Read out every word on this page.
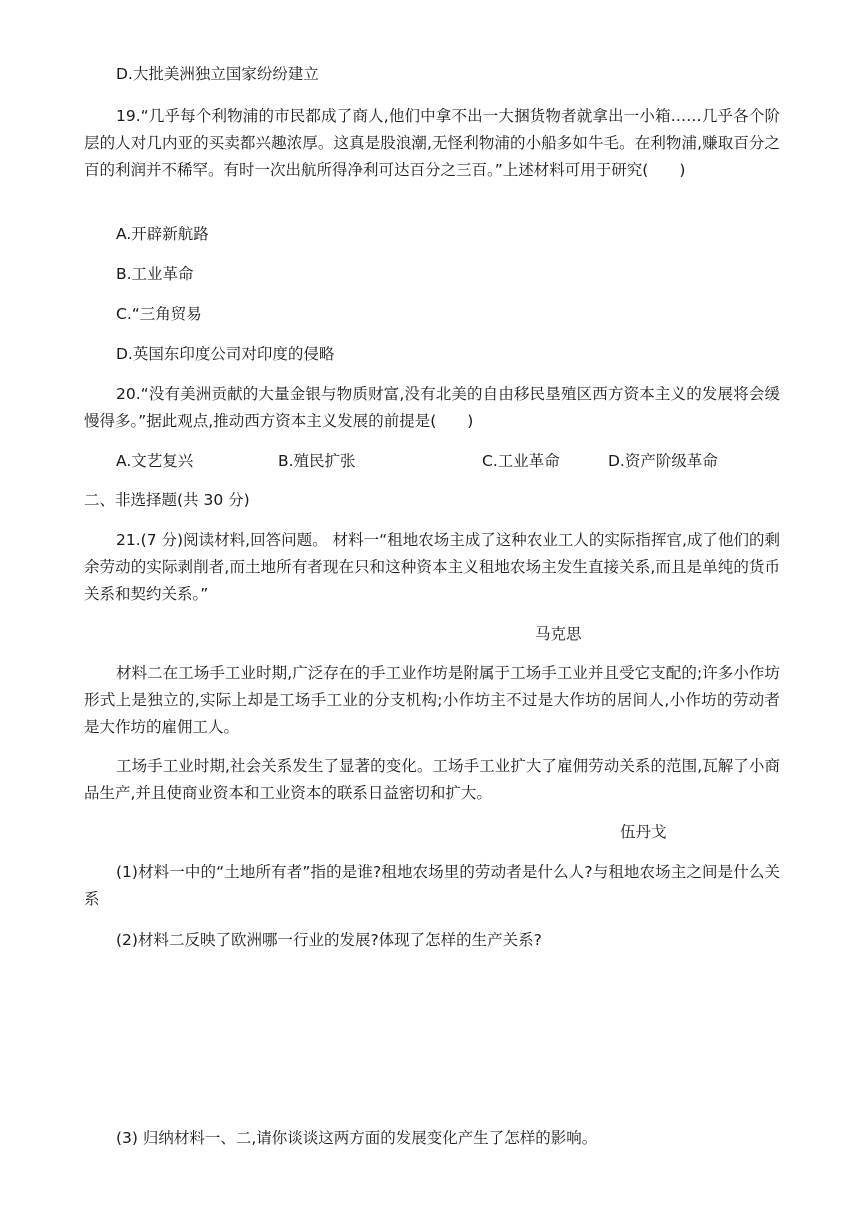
D.大批美洲独立国家纷纷建立
19.“几乎每个利物浦的市民都成了商人,他们中拿不出一大捆货物者就拿出一小箱……几乎各个阶层的人对几内亚的买卖都兴趣浓厚。这真是股浪潮,无怪利物浦的小船多如牛毛。在利物浦,赚取百分之百的利润并不稀罕。有时一次出航所得净利可达百分之三百。”上述材料可用于研究(　　)
A.开辟新航路
B.工业革命
C.“三角贸易
D.英国东印度公司对印度的侵略
20.“没有美洲贡献的大量金银与物质财富,没有北美的自由移民垦殖区西方资本主义的发展将会缓慢得多。”据此观点,推动西方资本主义发展的前提是(　　)
A.文艺复兴	B.殖民扩张	C.工业革命	D.资产阶级革命
二、非选择题(共 30 分)
21.(7 分)阅读材料,回答问题。 材料一“租地农场主成了这种农业工人的实际指挥官,成了他们的剩余劳动的实际剥削者,而土地所有者现在只和这种资本主义租地农场主发生直接关系,而且是单纯的货币关系和契约关系。”
马克思
材料二在工场手工业时期,广泛存在的手工业作坊是附属于工场手工业并且受它支配的;许多小作坊形式上是独立的,实际上却是工场手工业的分支机构;小作坊主不过是大作坊的居间人,小作坊的劳动者是大作坊的雇佣工人。
工场手工业时期,社会关系发生了显著的变化。工场手工业扩大了雇佣劳动关系的范围,瓦解了小商品生产,并且使商业资本和工业资本的联系日益密切和扩大。
伍丹戈
(1)材料一中的“土地所有者”指的是谁?租地农场里的劳动者是什么人?与租地农场主之间是什么关系
(2)材料二反映了欧洲哪一行业的发展?体现了怎样的生产关系?
(3) 归纳材料一、二,请你谈谈这两方面的发展变化产生了怎样的影响。
